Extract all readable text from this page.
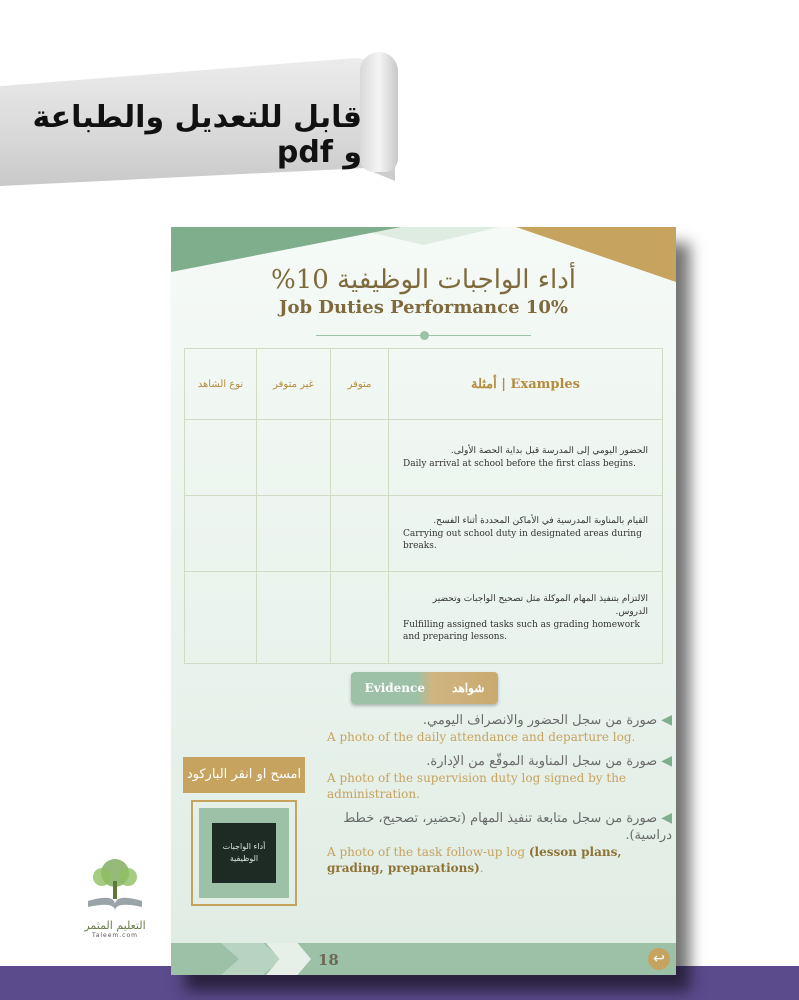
قابل للتعديل والطباعة و pdf
أداء الواجبات الوظيفية 10%
Job Duties Performance 10%
نوع الشاهد	غير متوفر	متوفر	Examples | أمثلة

			الحضور اليومي إلى المدرسة قبل بداية الحصة الأولى.
Daily arrival at school before the first class begins.

			القيام بالمناوبة المدرسية في الأماكن المحددة أثناء الفسح.
Carrying out school duty in designated areas during breaks.

			الالتزام بتنفيذ المهام الموكلة مثل تصحيح الواجبات وتحضير الدروس.
Fulfilling assigned tasks such as grading homework and preparing lessons.
Evidence شواهد
◀صورة من سجل الحضور والانصراف اليومي.
A photo of the daily attendance and departure log.
◀صورة من سجل المناوبة الموقّع من الإدارة.
A photo of the supervision duty log signed by the administration.
◀صورة من سجل متابعة تنفيذ المهام (تحضير، تصحيح، خطط دراسية).
A photo of the task follow-up log (lesson plans, grading, preparations).
امسح او انقر الباركود
أداء الواجبات الوظيفية
18	↩
التعليم المثمر
Taleem.com
